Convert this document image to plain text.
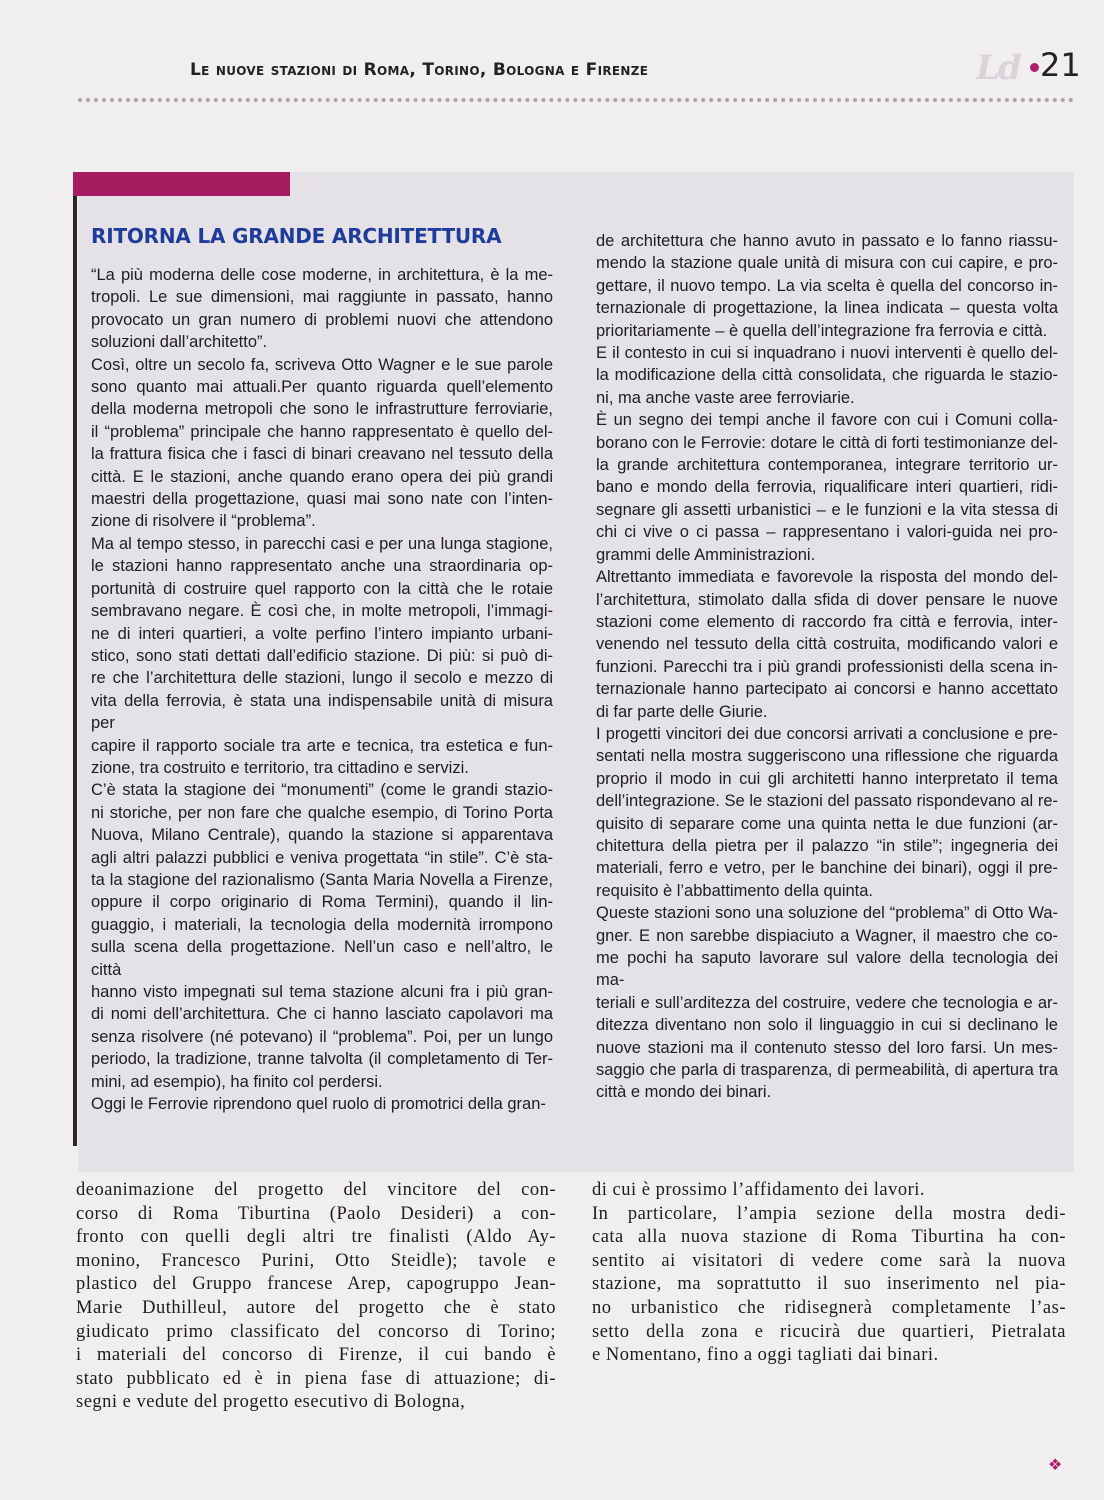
Le nuove stazioni di Roma, Torino, Bologna e Firenze	Ld 21
RITORNA LA GRANDE ARCHITETTURA
“La più moderna delle cose moderne, in architettura, è la me-
tropoli. Le sue dimensioni, mai raggiunte in passato, hanno
provocato un gran numero di problemi nuovi che attendono
soluzioni dall’architetto”.
Così, oltre un secolo fa, scriveva Otto Wagner e le sue parole
sono quanto mai attuali.Per quanto riguarda quell’elemento
della moderna metropoli che sono le infrastrutture ferroviarie,
il “problema” principale che hanno rappresentato è quello del-
la frattura fisica che i fasci di binari creavano nel tessuto della
città. E le stazioni, anche quando erano opera dei più grandi
maestri della progettazione, quasi mai sono nate con l’inten-
zione di risolvere il “problema”.
Ma al tempo stesso, in parecchi casi e per una lunga stagione,
le stazioni hanno rappresentato anche una straordinaria op-
portunità di costruire quel rapporto con la città che le rotaie
sembravano negare. È così che, in molte metropoli, l’immagi-
ne di interi quartieri, a volte perfino l’intero impianto urbani-
stico, sono stati dettati dall’edificio stazione. Di più: si può di-
re che l’architettura delle stazioni, lungo il secolo e mezzo di
vita della ferrovia, è stata una indispensabile unità di misura per
capire il rapporto sociale tra arte e tecnica, tra estetica e fun-
zione, tra costruito e territorio, tra cittadino e servizi.
C’è stata la stagione dei “monumenti” (come le grandi stazio-
ni storiche, per non fare che qualche esempio, di Torino Porta
Nuova, Milano Centrale), quando la stazione si apparentava
agli altri palazzi pubblici e veniva progettata “in stile”. C’è sta-
ta la stagione del razionalismo (Santa Maria Novella a Firenze,
oppure il corpo originario di Roma Termini), quando il lin-
guaggio, i materiali, la tecnologia della modernità irrompono
sulla scena della progettazione. Nell’un caso e nell’altro, le città
hanno visto impegnati sul tema stazione alcuni fra i più gran-
di nomi dell’architettura. Che ci hanno lasciato capolavori ma
senza risolvere (né potevano) il “problema”. Poi, per un lungo
periodo, la tradizione, tranne talvolta (il completamento di Ter-
mini, ad esempio), ha finito col perdersi.
Oggi le Ferrovie riprendono quel ruolo di promotrici della gran-
de architettura che hanno avuto in passato e lo fanno riassu-
mendo la stazione quale unità di misura con cui capire, e pro-
gettare, il nuovo tempo. La via scelta è quella del concorso in-
ternazionale di progettazione, la linea indicata – questa volta
prioritariamente – è quella dell’integrazione fra ferrovia e città.
E il contesto in cui si inquadrano i nuovi interventi è quello del-
la modificazione della città consolidata, che riguarda le stazio-
ni, ma anche vaste aree ferroviarie.
È un segno dei tempi anche il favore con cui i Comuni colla-
borano con le Ferrovie: dotare le città di forti testimonianze del-
la grande architettura contemporanea, integrare territorio ur-
bano e mondo della ferrovia, riqualificare interi quartieri, ridi-
segnare gli assetti urbanistici – e le funzioni e la vita stessa di
chi ci vive o ci passa – rappresentano i valori-guida nei pro-
grammi delle Amministrazioni.
Altrettanto immediata e favorevole la risposta del mondo del-
l’architettura, stimolato dalla sfida di dover pensare le nuove
stazioni come elemento di raccordo fra città e ferrovia, inter-
venendo nel tessuto della città costruita, modificando valori e
funzioni. Parecchi tra i più grandi professionisti della scena in-
ternazionale hanno partecipato ai concorsi e hanno accettato
di far parte delle Giurie.
I progetti vincitori dei due concorsi arrivati a conclusione e pre-
sentati nella mostra suggeriscono una riflessione che riguarda
proprio il modo in cui gli architetti hanno interpretato il tema
dell’integrazione. Se le stazioni del passato rispondevano al re-
quisito di separare come una quinta netta le due funzioni (ar-
chitettura della pietra per il palazzo “in stile”; ingegneria dei
materiali, ferro e vetro, per le banchine dei binari), oggi il pre-
requisito è l’abbattimento della quinta.
Queste stazioni sono una soluzione del “problema” di Otto Wa-
gner. E non sarebbe dispiaciuto a Wagner, il maestro che co-
me pochi ha saputo lavorare sul valore della tecnologia dei ma-
teriali e sull’arditezza del costruire, vedere che tecnologia e ar-
ditezza diventano non solo il linguaggio in cui si declinano le
nuove stazioni ma il contenuto stesso del loro farsi. Un mes-
saggio che parla di trasparenza, di permeabilità, di apertura tra
città e mondo dei binari.
deoanimazione del progetto del vincitore del con-
corso di Roma Tiburtina (Paolo Desideri) a con-
fronto con quelli degli altri tre finalisti (Aldo Ay-
monino, Francesco Purini, Otto Steidle); tavole e
plastico del Gruppo francese Arep, capogruppo Jean-
Marie Duthilleul, autore del progetto che è stato
giudicato primo classificato del concorso di Torino;
i materiali del concorso di Firenze, il cui bando è
stato pubblicato ed è in piena fase di attuazione; di-
segni e vedute del progetto esecutivo di Bologna,
di cui è prossimo l’affidamento dei lavori.
In particolare, l’ampia sezione della mostra dedi-
cata alla nuova stazione di Roma Tiburtina ha con-
sentito ai visitatori di vedere come sarà la nuova
stazione, ma soprattutto il suo inserimento nel pia-
no urbanistico che ridisegnerà completamente l’as-
setto della zona e ricucirà due quartieri, Pietralata
e Nomentano, fino a oggi tagliati dai binari.
❖
